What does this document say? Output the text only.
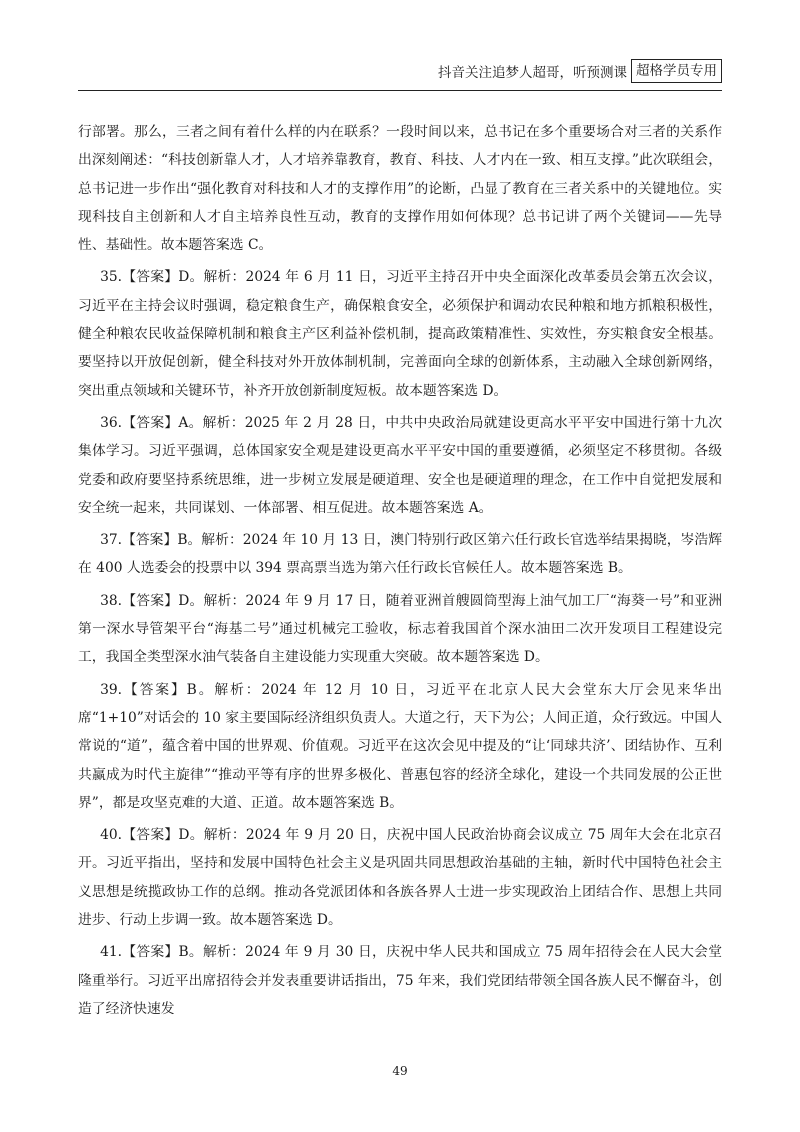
抖音关注追梦人超哥，听预测课 超格学员专用

行部署。那么，三者之间有着什么样的内在联系？一段时间以来，总书记在多个重要场合对三者的关系作出深刻阐述：“科技创新靠人才，人才培养靠教育，教育、科技、人才内在一致、相互支撑。”此次联组会，总书记进一步作出“强化教育对科技和人才的支撑作用”的论断，凸显了教育在三者关系中的关键地位。实现科技自主创新和人才自主培养良性互动，教育的支撑作用如何体现？总书记讲了两个关键词——先导性、基础性。故本题答案选 C。

35.【答案】D。解析：2024 年 6 月 11 日，习近平主持召开中央全面深化改革委员会第五次会议，习近平在主持会议时强调，稳定粮食生产，确保粮食安全，必须保护和调动农民种粮和地方抓粮积极性，健全种粮农民收益保障机制和粮食主产区利益补偿机制，提高政策精准性、实效性，夯实粮食安全根基。要坚持以开放促创新，健全科技对外开放体制机制，完善面向全球的创新体系，主动融入全球创新网络，突出重点领域和关键环节，补齐开放创新制度短板。故本题答案选 D。

36.【答案】A。解析：2025 年 2 月 28 日，中共中央政治局就建设更高水平平安中国进行第十九次集体学习。习近平强调，总体国家安全观是建设更高水平平安中国的重要遵循，必须坚定不移贯彻。各级党委和政府要坚持系统思维，进一步树立发展是硬道理、安全也是硬道理的理念，在工作中自觉把发展和安全统一起来，共同谋划、一体部署、相互促进。故本题答案选 A。

37.【答案】B。解析：2024 年 10 月 13 日，澳门特别行政区第六任行政长官选举结果揭晓，岑浩辉在 400 人选委会的投票中以 394 票高票当选为第六任行政长官候任人。故本题答案选 B。

38.【答案】D。解析：2024 年 9 月 17 日，随着亚洲首艘圆筒型海上油气加工厂“海葵一号”和亚洲第一深水导管架平台“海基二号”通过机械完工验收，标志着我国首个深水油田二次开发项目工程建设完工，我国全类型深水油气装备自主建设能力实现重大突破。故本题答案选 D。

39.【答案】B。解析：2024 年 12 月 10 日，习近平在北京人民大会堂东大厅会见来华出席“1+10”对话会的 10 家主要国际经济组织负责人。大道之行，天下为公；人间正道，众行致远。中国人常说的“道”，蕴含着中国的世界观、价值观。习近平在这次会见中提及的“让‘同球共济’、团结协作、互利共赢成为时代主旋律”“推动平等有序的世界多极化、普惠包容的经济全球化，建设一个共同发展的公正世界”，都是攻坚克难的大道、正道。故本题答案选 B。

40.【答案】D。解析：2024 年 9 月 20 日，庆祝中国人民政治协商会议成立 75 周年大会在北京召开。习近平指出，坚持和发展中国特色社会主义是巩固共同思想政治基础的主轴，新时代中国特色社会主义思想是统揽政协工作的总纲。推动各党派团体和各族各界人士进一步实现政治上团结合作、思想上共同进步、行动上步调一致。故本题答案选 D。

41.【答案】B。解析：2024 年 9 月 30 日，庆祝中华人民共和国成立 75 周年招待会在人民大会堂隆重举行。习近平出席招待会并发表重要讲话指出，75 年来，我们党团结带领全国各族人民不懈奋斗，创造了经济快速发

49
